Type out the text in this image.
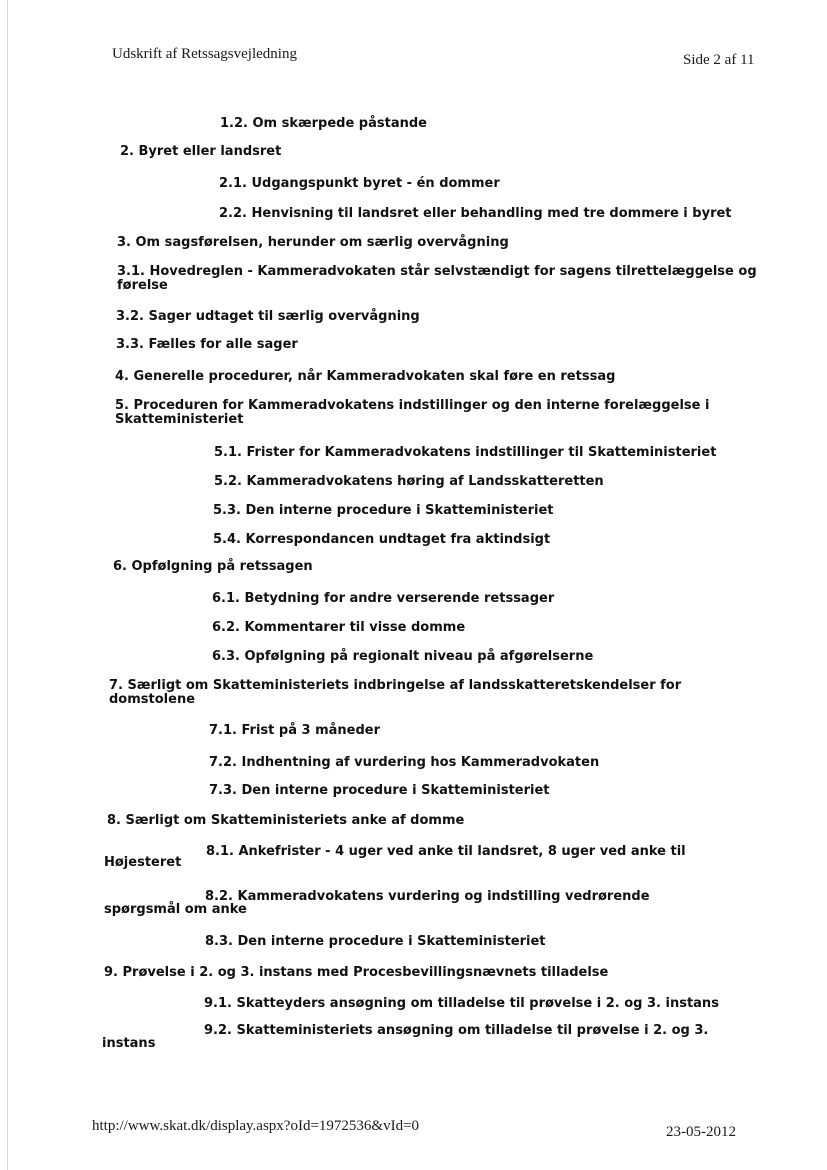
Udskrift af Retssagsvejledning	Side 2 af 11
1.2. Om skærpede påstande
2. Byret eller landsret
2.1. Udgangspunkt byret - én dommer
2.2. Henvisning til landsret eller behandling med tre dommere i byret
3. Om sagsførelsen, herunder om særlig overvågning
3.1. Hovedreglen - Kammeradvokaten står selvstændigt for sagens tilrettelæggelse og førelse
3.2. Sager udtaget til særlig overvågning
3.3. Fælles for alle sager
4. Generelle procedurer, når Kammeradvokaten skal føre en retssag
5. Proceduren for Kammeradvokatens indstillinger og den interne forelæggelse i Skatteministeriet
5.1. Frister for Kammeradvokatens indstillinger til Skatteministeriet
5.2. Kammeradvokatens høring af Landsskatteretten
5.3. Den interne procedure i Skatteministeriet
5.4. Korrespondancen undtaget fra aktindsigt
6. Opfølgning på retssagen
6.1. Betydning for andre verserende retssager
6.2. Kommentarer til visse domme
6.3. Opfølgning på regionalt niveau på afgørelserne
7. Særligt om Skatteministeriets indbringelse af landsskatteretskendelser for domstolene
7.1. Frist på 3 måneder
7.2. Indhentning af vurdering hos Kammeradvokaten
7.3. Den interne procedure i Skatteministeriet
8. Særligt om Skatteministeriets anke af domme
8.1. Ankefrister - 4 uger ved anke til landsret, 8 uger ved anke til
Højesteret
8.2. Kammeradvokatens vurdering og indstilling vedrørende
spørgsmål om anke
8.3. Den interne procedure i Skatteministeriet
9. Prøvelse i 2. og 3. instans med Procesbevillingsnævnets tilladelse
9.1. Skatteyders ansøgning om tilladelse til prøvelse i 2. og 3. instans
9.2. Skatteministeriets ansøgning om tilladelse til prøvelse i 2. og 3.
instans
http://www.skat.dk/display.aspx?oId=1972536&vId=0	23-05-2012
